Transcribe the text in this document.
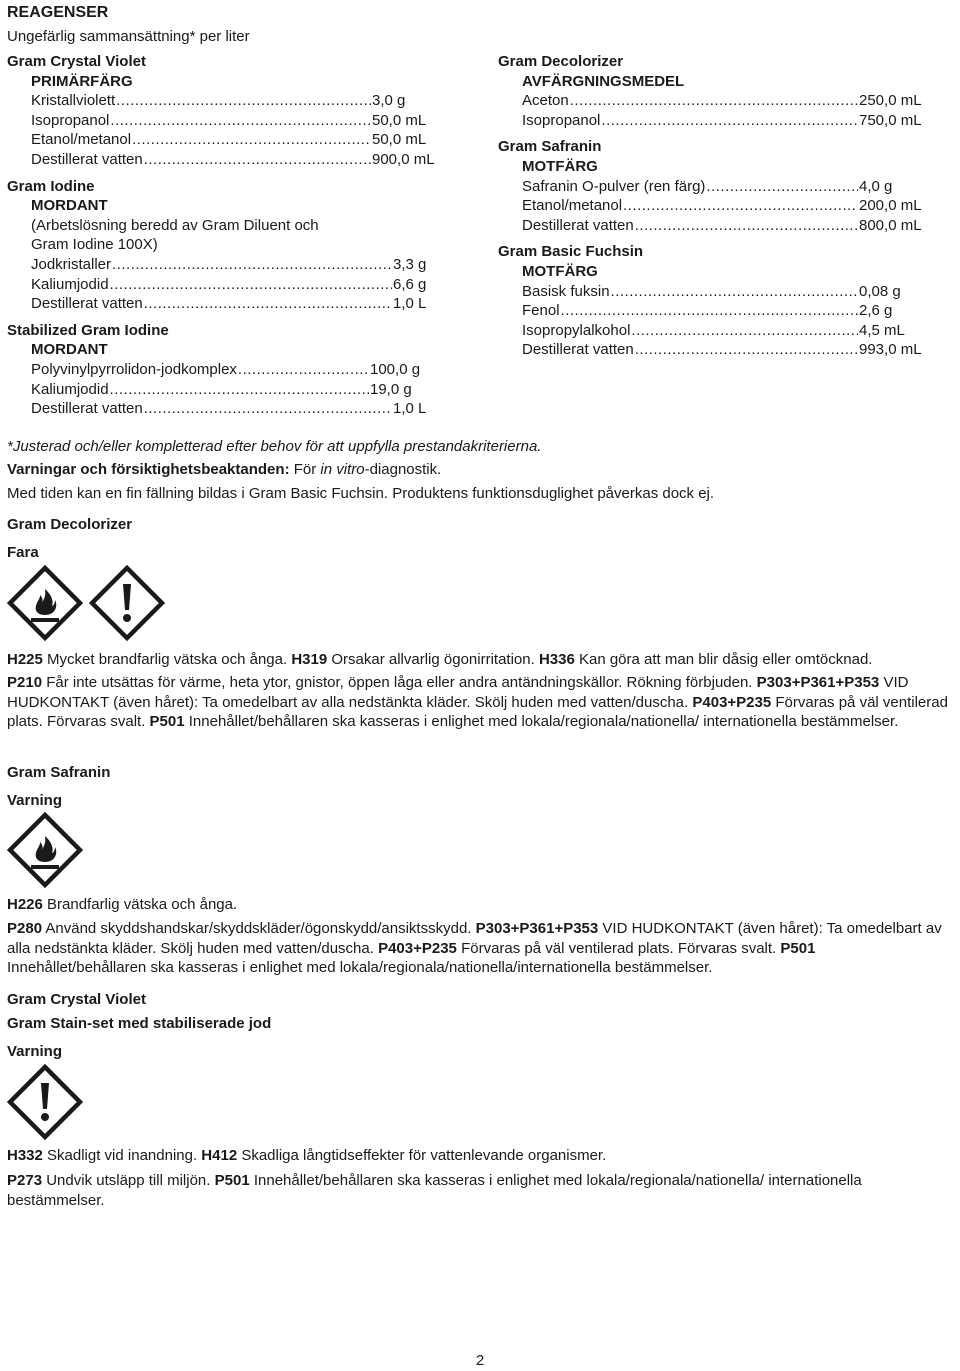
REAGENSER
Ungefärlig sammansättning* per liter
Gram Crystal Violet
PRIMÄRFÄRG
Kristallviolett .....	3,0 g
Isopropanol .....	50,0 mL
Etanol/metanol .....	50,0 mL
Destillerat vatten .....	900,0 mL
Gram Iodine
MORDANT
(Arbetslösning beredd av Gram Diluent och
Gram Iodine 100X)
Jodkristaller .....	3,3 g
Kaliumjodid .....	6,6 g
Destillerat vatten .....	1,0 L
Stabilized Gram Iodine
MORDANT
Polyvinylpyrrolidon-jodkomplex .....	100,0 g
Kaliumjodid .....	19,0 g
Destillerat vatten .....	1,0 L
Gram Decolorizer
AVFÄRGNINGSMEDEL
Aceton .....	250,0 mL
Isopropanol .....	750,0 mL
Gram Safranin
MOTFÄRG
Safranin O-pulver (ren färg) .....	4,0 g
Etanol/metanol .....	200,0 mL
Destillerat vatten .....	800,0 mL
Gram Basic Fuchsin
MOTFÄRG
Basisk fuksin .....	0,08 g
Fenol .....	2,6 g
Isopropylalkohol .....	4,5 mL
Destillerat vatten .....	993,0 mL
*Justerad och/eller kompletterad efter behov för att uppfylla prestandakriterierna.
Varningar och försiktighetsbeaktanden: För in vitro-diagnostik.
Med tiden kan en fin fällning bildas i Gram Basic Fuchsin. Produktens funktionsduglighet påverkas dock ej.
Gram Decolorizer
Fara
H225 Mycket brandfarlig vätska och ånga. H319 Orsakar allvarlig ögonirritation. H336 Kan göra att man blir dåsig eller omtöcknad.
P210 Får inte utsättas för värme, heta ytor, gnistor, öppen låga eller andra antändningskällor. Rökning förbjuden. P303+P361+P353 VID HUDKONTAKT (även håret): Ta omedelbart av alla nedstänkta kläder. Skölj huden med vatten/duscha. P403+P235 Förvaras på väl ventilerad plats. Förvaras svalt. P501 Innehållet/behållaren ska kasseras i enlighet med lokala/regionala/nationella/ internationella bestämmelser.
Gram Safranin
Varning
H226 Brandfarlig vätska och ånga.
P280 Använd skyddshandskar/skyddskläder/ögonskydd/ansiktsskydd. P303+P361+P353 VID HUDKONTAKT (även håret): Ta omedelbart av alla nedstänkta kläder. Skölj huden med vatten/duscha. P403+P235 Förvaras på väl ventilerad plats. Förvaras svalt. P501 Innehållet/behållaren ska kasseras i enlighet med lokala/regionala/nationella/internationella bestämmelser.
Gram Crystal Violet
Gram Stain-set med stabiliserade jod
Varning
H332 Skadligt vid inandning. H412 Skadliga långtidseffekter för vattenlevande organismer.
P273 Undvik utsläpp till miljön. P501 Innehållet/behållaren ska kasseras i enlighet med lokala/regionala/nationella/ internationella bestämmelser.
2
